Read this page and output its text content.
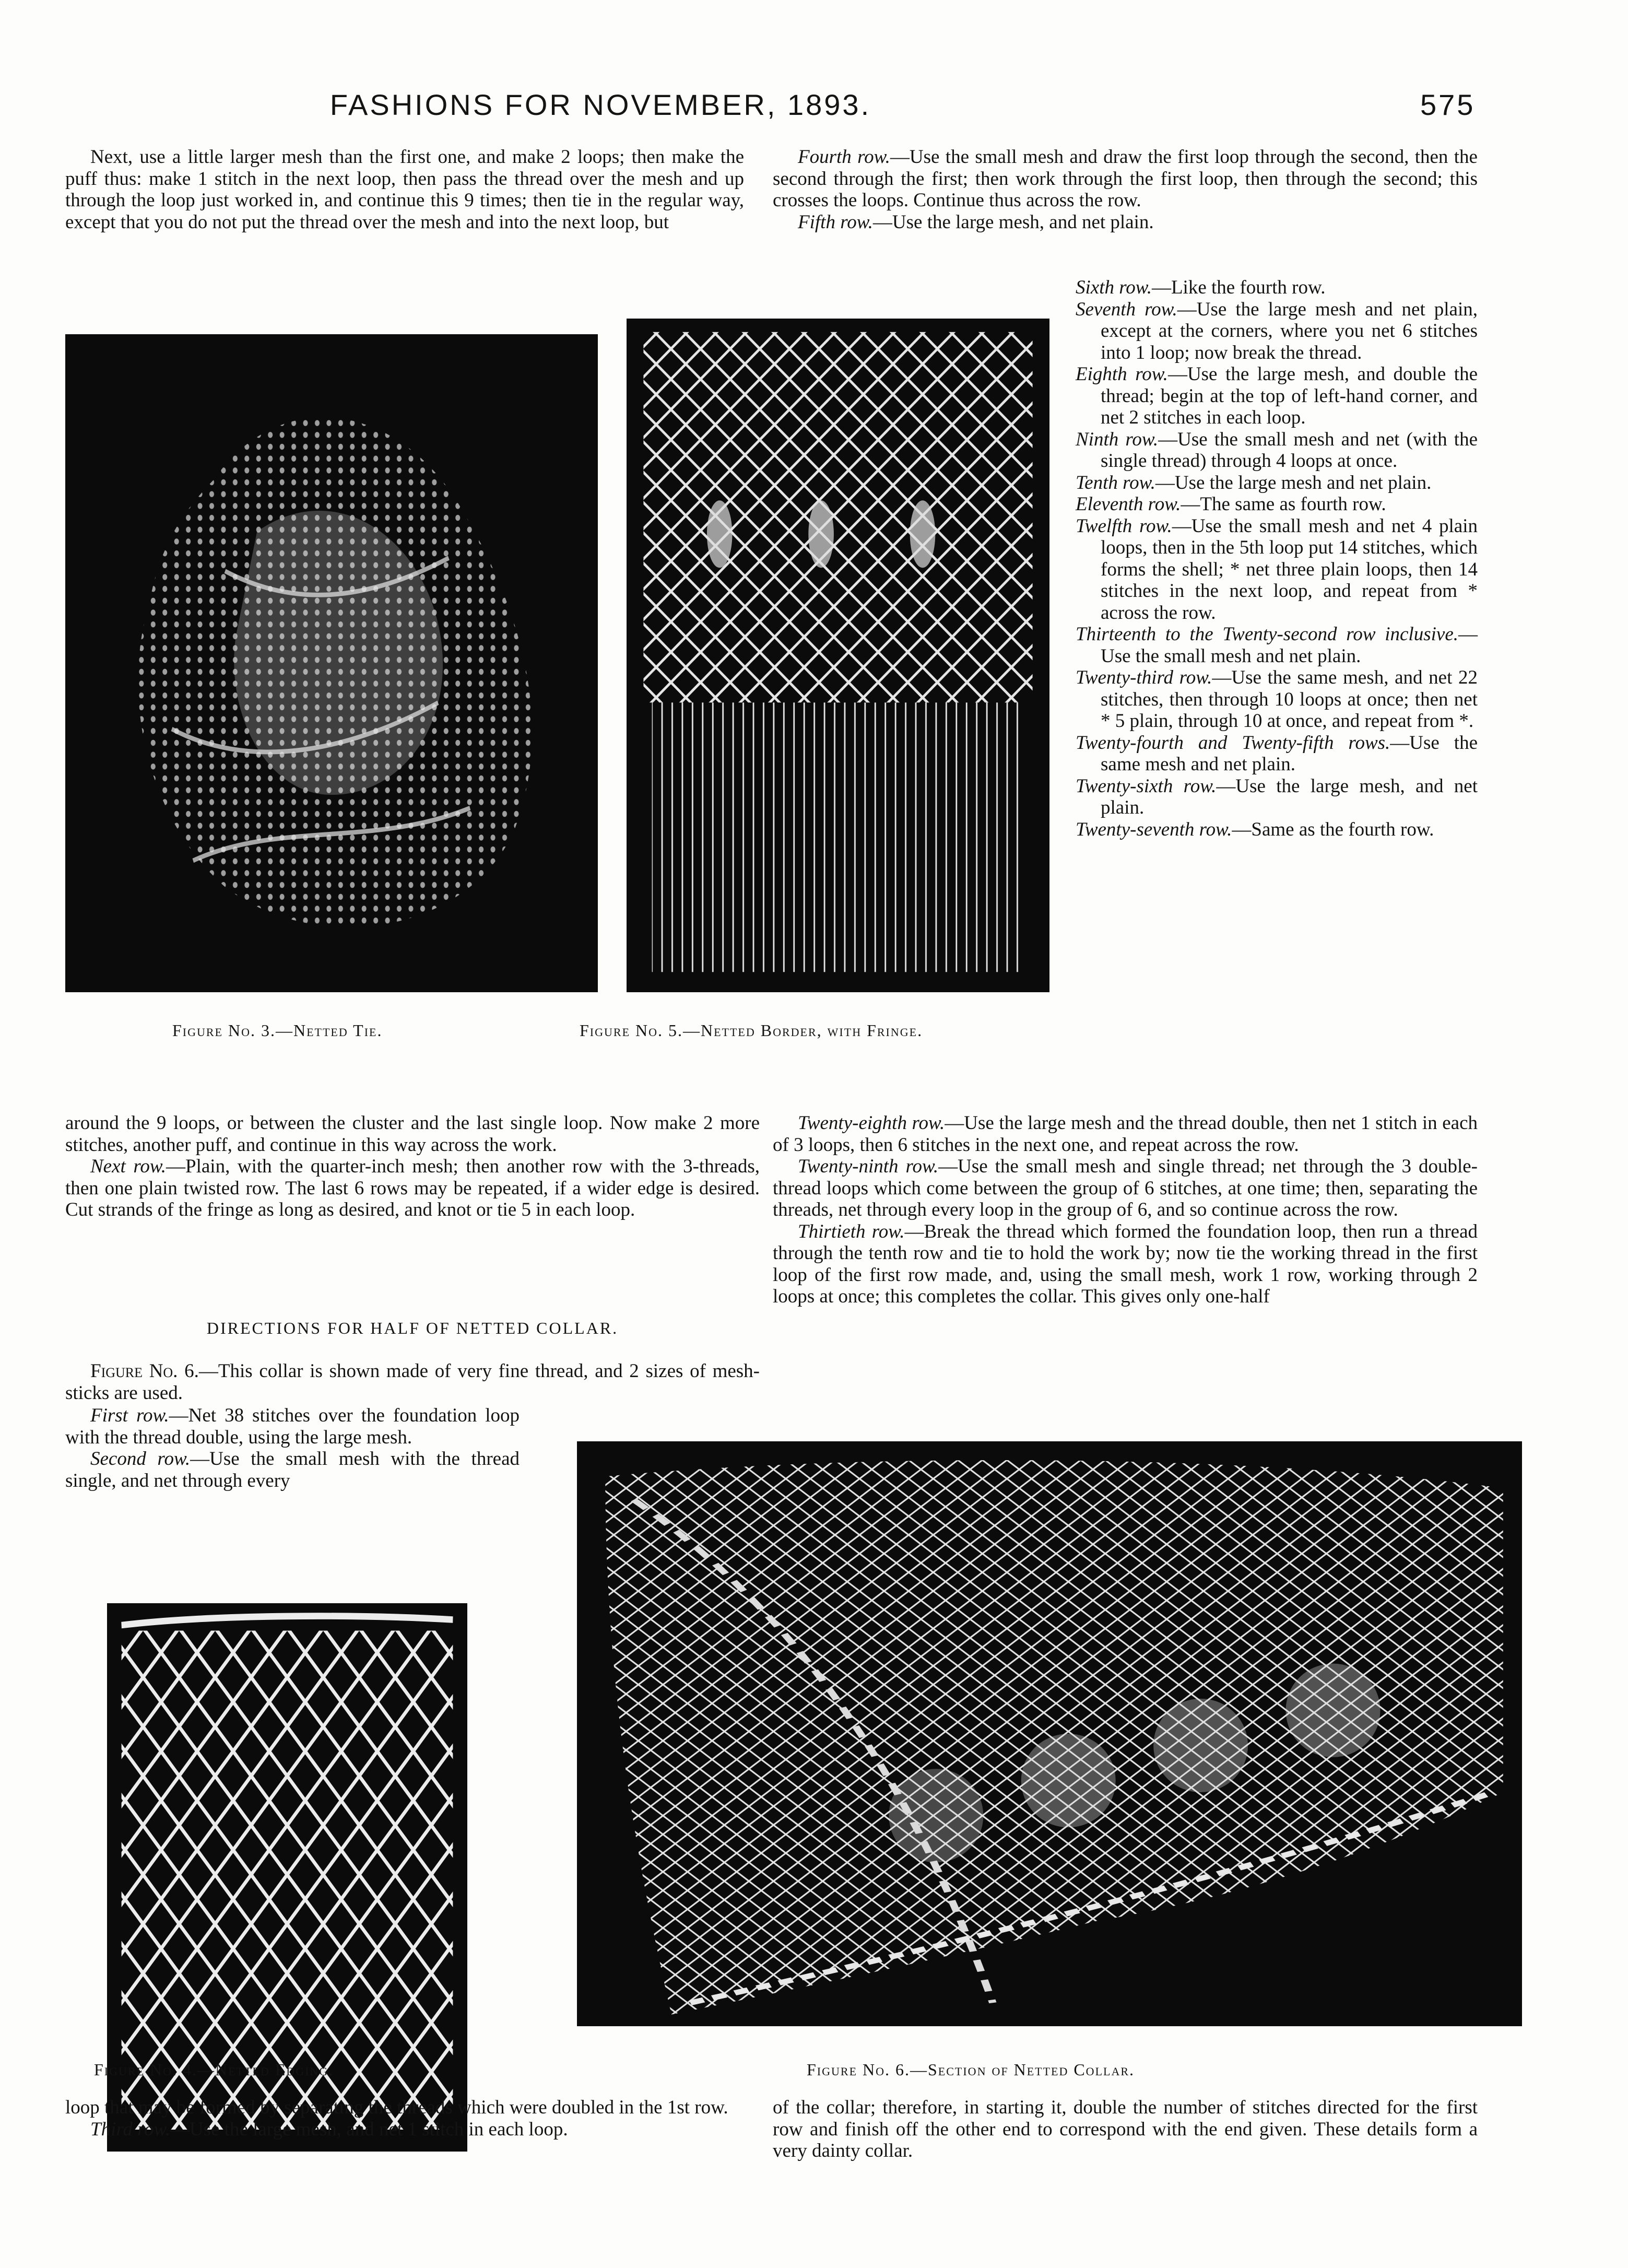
FASHIONS FOR NOVEMBER, 1893.	575

Next, use a little larger mesh than the first one, and make 2 loops; then make the puff thus: make 1 stitch in the next loop, then pass the thread over the mesh and up through the loop just worked in, and continue this 9 times; then tie in the regular way, except that you do not put the thread over the mesh and into the next loop, but

Fourth row.—Use the small mesh and draw the first loop through the second, then the second through the first; then work through the first loop, then through the second; this crosses the loops. Continue thus across the row.

Fifth row.—Use the large mesh, and net plain.

Sixth row.—Like the fourth row.

Seventh row.—Use the large mesh and net plain, except at the corners, where you net 6 stitches into 1 loop; now break the thread.

Eighth row.—Use the large mesh, and double the thread; begin at the top of left-hand corner, and net 2 stitches in each loop.

Ninth row.—Use the small mesh and net (with the single thread) through 4 loops at once.

Tenth row.—Use the large mesh and net plain.

Eleventh row.—The same as fourth row.

Twelfth row.—Use the small mesh and net 4 plain loops, then in the 5th loop put 14 stitches, which forms the shell; * net three plain loops, then 14 stitches in the next loop, and repeat from * across the row.

Thirteenth to the Twenty-second row inclusive.—Use the small mesh and net plain.

Twenty-third row.—Use the same mesh, and net 22 stitches, then through 10 loops at once; then net * 5 plain, through 10 at once, and repeat from *.

Twenty-fourth and Twenty-fifth rows.—Use the same mesh and net plain.

Twenty-sixth row.—Use the large mesh, and net plain.

Twenty-seventh row.—Same as the fourth row.

Figure No. 3.—Netted Tie.	Figure No. 5.—Netted Border, with Fringe.

around the 9 loops, or between the cluster and the last single loop. Now make 2 more stitches, another puff, and continue in this way across the work.

Next row.—Plain, with the quarter-inch mesh; then another row with the 3-threads, then one plain twisted row. The last 6 rows may be repeated, if a wider edge is desired. Cut strands of the fringe as long as desired, and knot or tie 5 in each loop.

DIRECTIONS FOR HALF OF NETTED COLLAR.

Figure No. 6.—This collar is shown made of very fine thread, and 2 sizes of mesh-sticks are used.

First row.—Net 38 stitches over the foundation loop with the thread double, using the large mesh.

Second row.—Use the small mesh with the thread single, and net through every

Twenty-eighth row.—Use the large mesh and the thread double, then net 1 stitch in each of 3 loops, then 6 stitches in the next one, and repeat across the row.

Twenty-ninth row.—Use the small mesh and single thread; net through the 3 double-thread loops which come between the group of 6 stitches, at one time; then, separating the threads, net through every loop in the group of 6, and so continue across the row.

Thirtieth row.—Break the thread which formed the foundation loop, then run a thread through the tenth row and tie to hold the work by; now tie the working thread in the first loop of the first row made, and, using the small mesh, work 1 row, working through 2 loops at once; this completes the collar. This gives only one-half

Figure No. 4.—Netted Edging.	Figure No. 6.—Section of Netted Collar.

loop that may be formed by separating the threads which were doubled in the 1st row.

Third row.—Use the large mesh, and net 1 stitch in each loop.

of the collar; therefore, in starting it, double the number of stitches directed for the first row and finish off the other end to correspond with the end given. These details form a very dainty collar.
